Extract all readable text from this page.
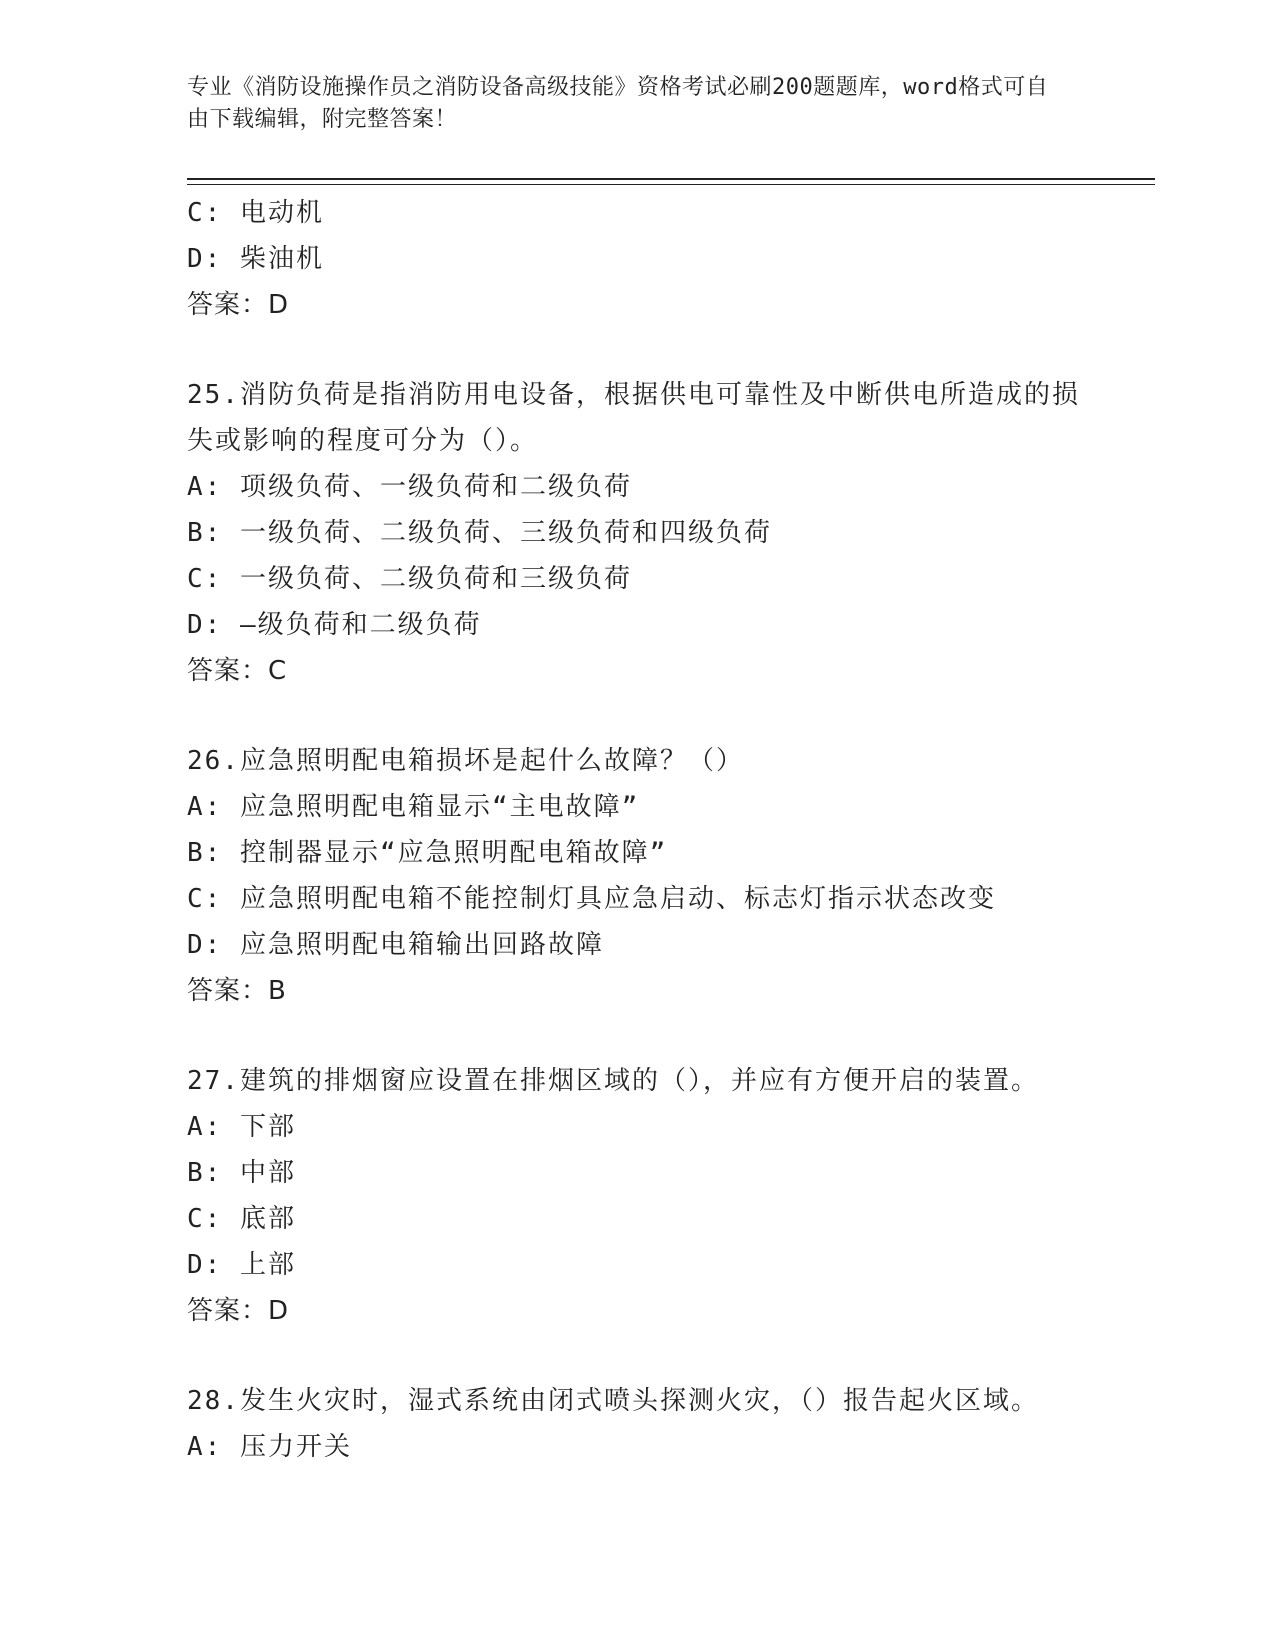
专业《消防设施操作员之消防设备高级技能》资格考试必刷200题题库，word格式可自由下载编辑，附完整答案！

C: 电动机

D: 柴油机

答案：D

25.消防负荷是指消防用电设备，根据供电可靠性及中断供电所造成的损失或影响的程度可分为（）。

A: 项级负荷、一级负荷和二级负荷

B: 一级负荷、二级负荷、三级负荷和四级负荷

C: 一级负荷、二级负荷和三级负荷

D: —级负荷和二级负荷

答案：C

26.应急照明配电箱损坏是起什么故障？（）

A: 应急照明配电箱显示“主电故障”

B: 控制器显示“应急照明配电箱故障”

C: 应急照明配电箱不能控制灯具应急启动、标志灯指示状态改变

D: 应急照明配电箱输出回路故障

答案：B

27.建筑的排烟窗应设置在排烟区域的（），并应有方便开启的装置。

A: 下部

B: 中部

C: 底部

D: 上部

答案：D

28.发生火灾时，湿式系统由闭式喷头探测火灾，（）报告起火区域。

A: 压力开关
